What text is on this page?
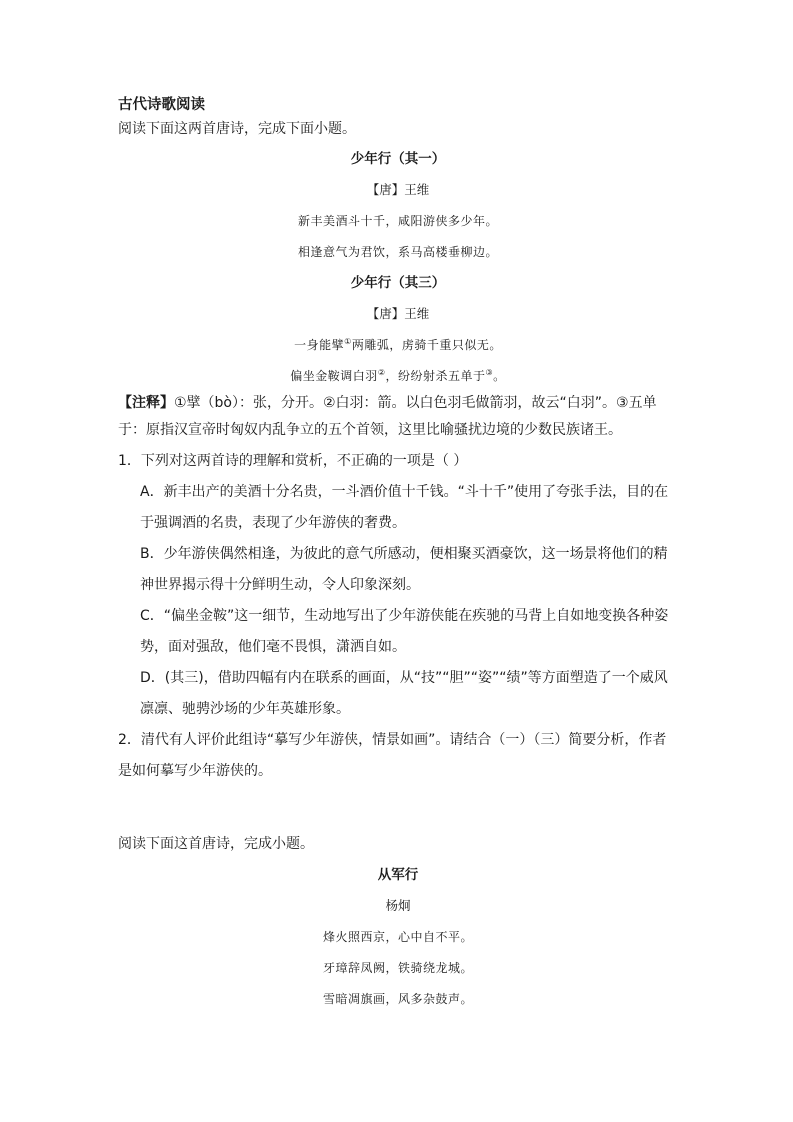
古代诗歌阅读

阅读下面这两首唐诗，完成下面小题。

少年行（其一）

【唐】王维

新丰美酒斗十千，咸阳游侠多少年。

相逢意气为君饮，系马高楼垂柳边。

少年行（其三）

【唐】王维

一身能擘①两雕弧，虏骑千重只似无。

偏坐金鞍调白羽②，纷纷射杀五单于③。

【注释】①擘（bò）：张，分开。②白羽：箭。以白色羽毛做箭羽，故云“白羽”。③五单于：原指汉宣帝时匈奴内乱争立的五个首领，这里比喻骚扰边境的少数民族诸王。

1．下列对这两首诗的理解和赏析，不正确的一项是（ ）

A．新丰出产的美酒十分名贵，一斗酒价值十千钱。“斗十千”使用了夸张手法，目的在于强调酒的名贵，表现了少年游侠的奢费。

B．少年游侠偶然相逢，为彼此的意气所感动，便相聚买酒豪饮，这一场景将他们的精神世界揭示得十分鲜明生动，令人印象深刻。

C．“偏坐金鞍”这一细节，生动地写出了少年游侠能在疾驰的马背上自如地变换各种姿势，面对强敌，他们毫不畏惧，潇洒自如。

D．(其三)，借助四幅有内在联系的画面，从“技”“胆”“姿”“绩”等方面塑造了一个威风凛凛、驰骋沙场的少年英雄形象。

2．清代有人评价此组诗“摹写少年游侠，情景如画”。请结合（一）（三）简要分析，作者是如何摹写少年游侠的。

阅读下面这首唐诗，完成小题。

从军行

杨炯

烽火照西京，心中自不平。

牙璋辞凤阙，铁骑绕龙城。

雪暗凋旗画，风多杂鼓声。
